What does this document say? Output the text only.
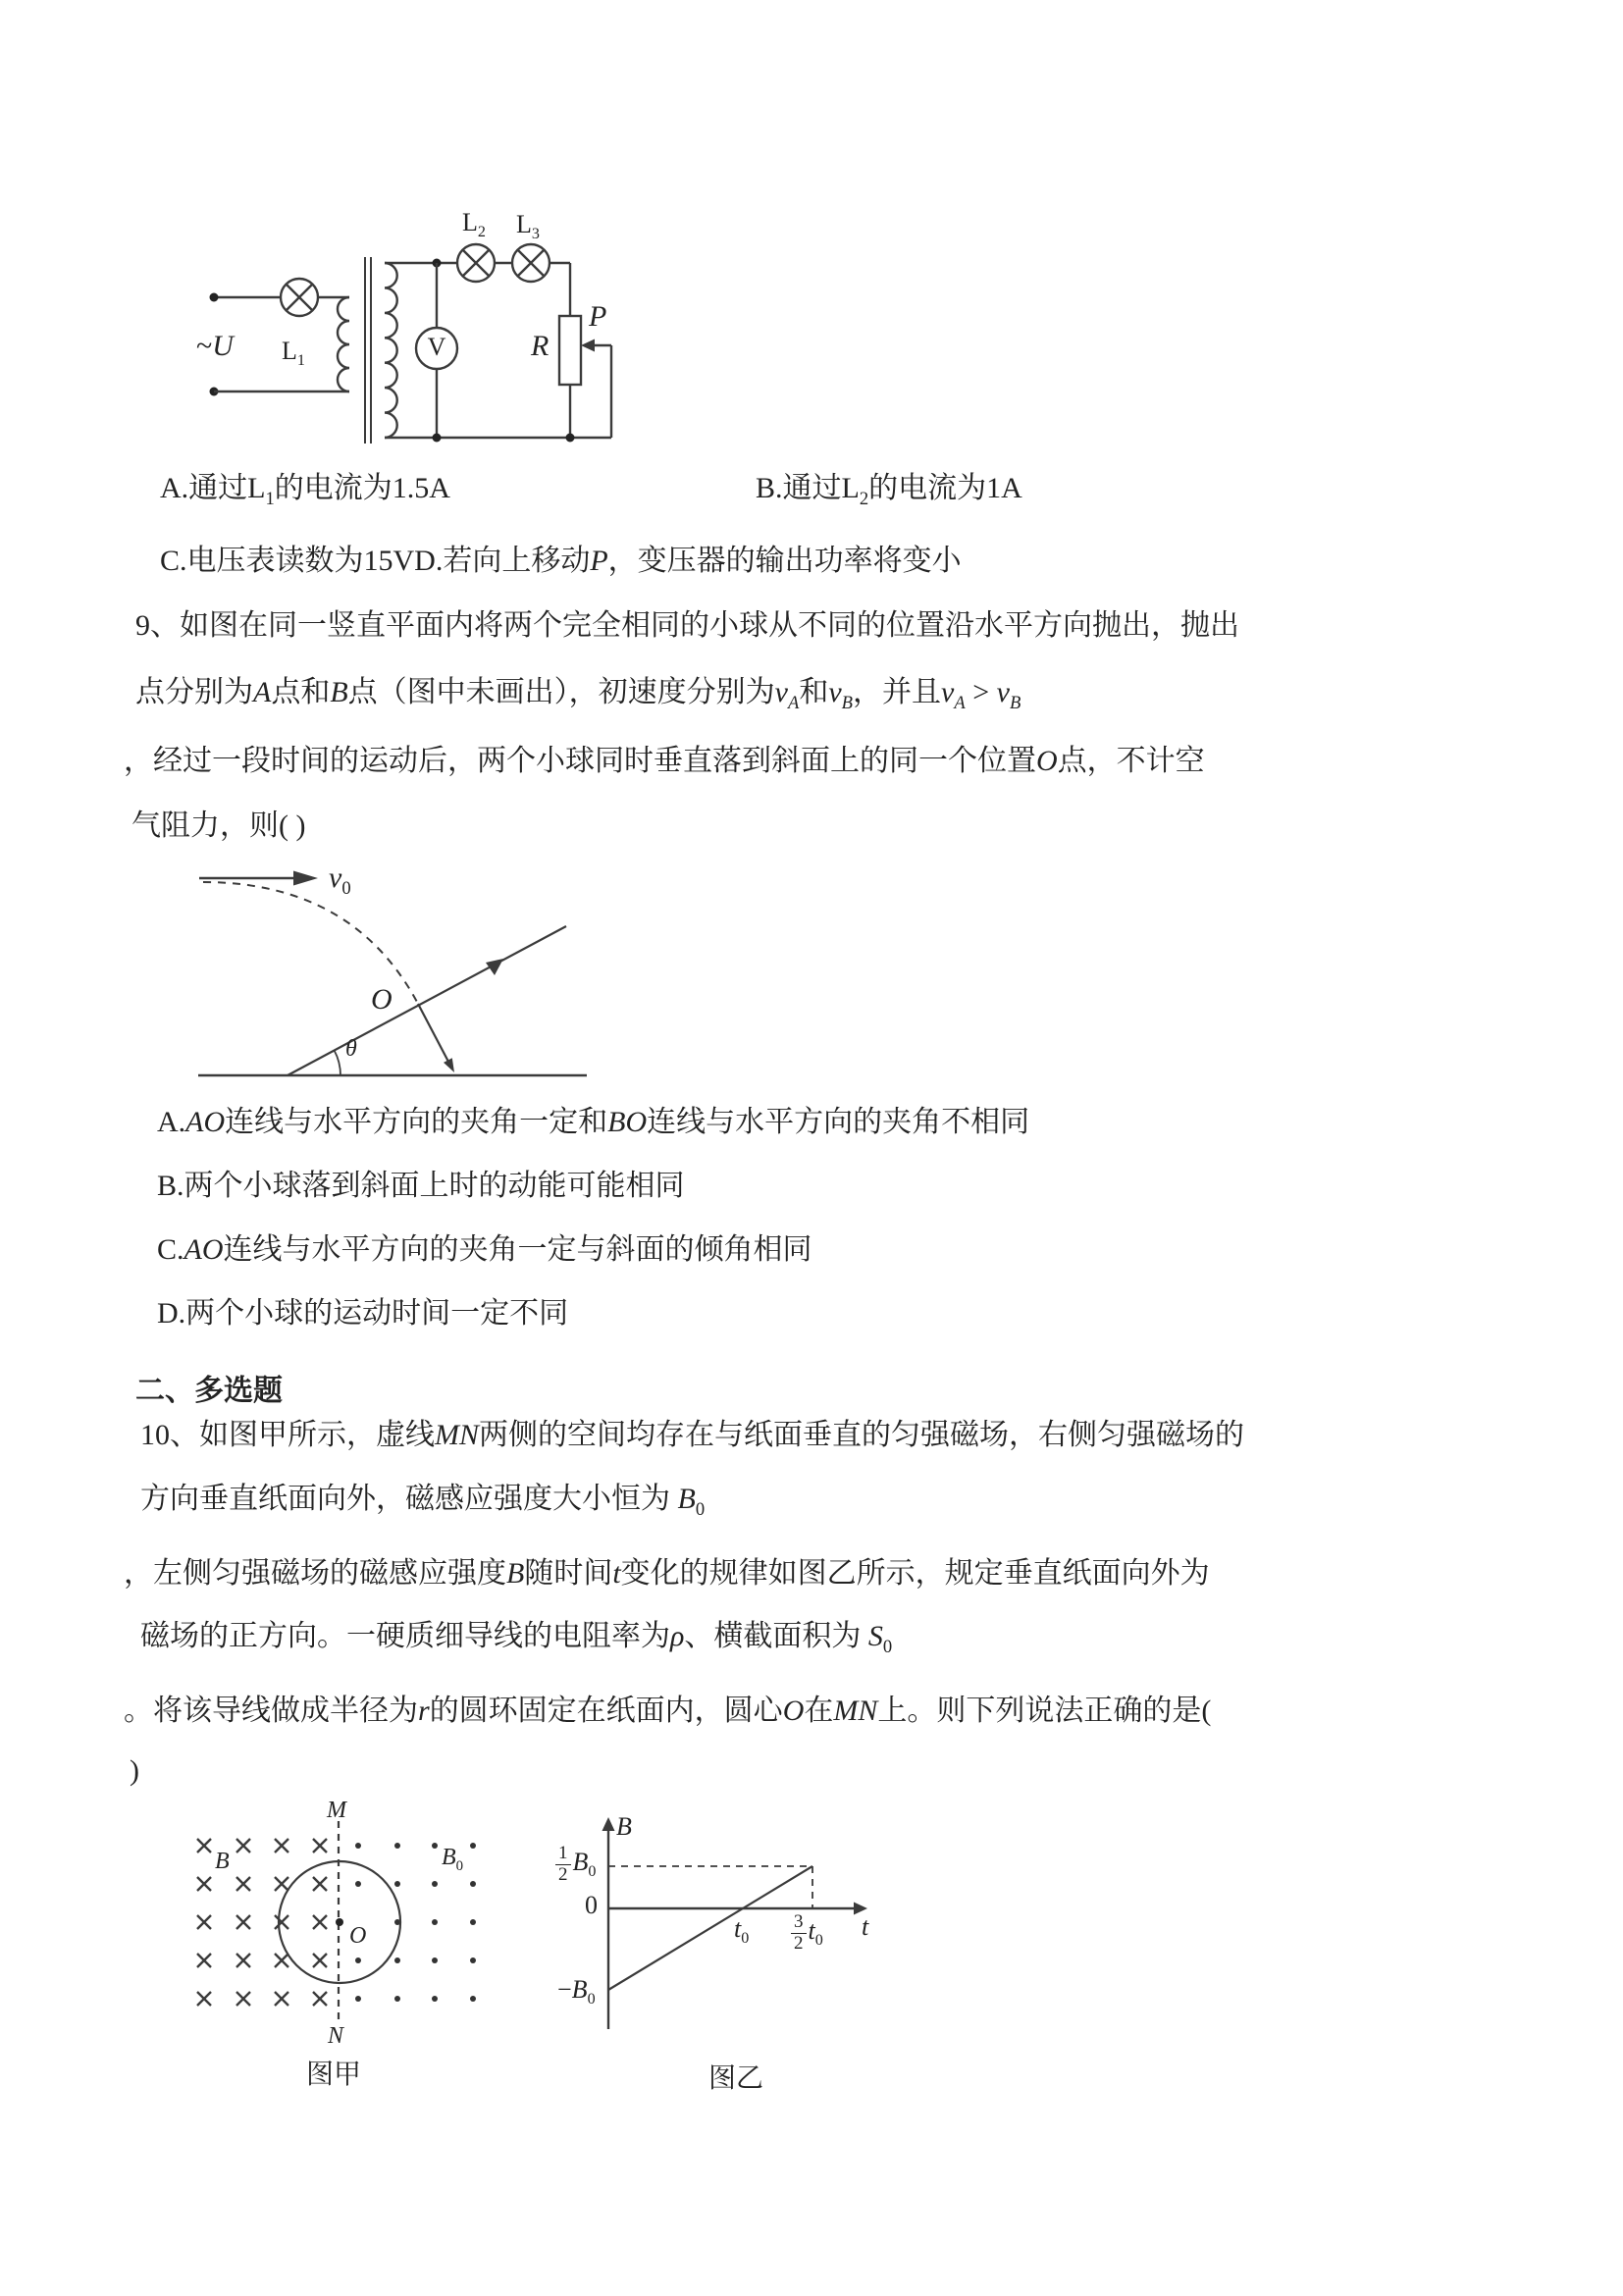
~U $L_1$
$L_2$ $L_3$
V	R
P
A.通过$L_1$的电流为1.5A	B.通过$L_2$的电流为1A
C.电压表读数为15VD.若向上移动P，变压器的输出功率将变小
9、如图在同一竖直平面内将两个完全相同的小球从不同的位置沿水平方向抛出，抛出
点分别为A点和B点（图中未画出），初速度分别为$v_A$和$v_B$，并且$v_A > v_B$
，经过一段时间的运动后，两个小球同时垂直落到斜面上的同一个位置O点，不计空
气阻力，则( )
$v_0$
O
θ
A.AO连线与水平方向的夹角一定和BO连线与水平方向的夹角不相同
B.两个小球落到斜面上时的动能可能相同
C.AO连线与水平方向的夹角一定与斜面的倾角相同
D.两个小球的运动时间一定不同
二、多选题
10、如图甲所示，虚线MN两侧的空间均存在与纸面垂直的匀强磁场，右侧匀强磁场的
方向垂直纸面向外，磁感应强度大小恒为 $B_0$
，左侧匀强磁场的磁感应强度B随时间t变化的规律如图乙所示，规定垂直纸面向外为
磁场的正方向。一硬质细导线的电阻率为ρ、横截面积为 $S_0$
。将该导线做成半径为r的圆环固定在纸面内，圆心O在MN上。则下列说法正确的是(
)
M
N
B	$B_0$
O
图甲
B
t
1
2 $B_0$
0
$-B_0$
$t_0$
3
2 $t_0$
图乙
